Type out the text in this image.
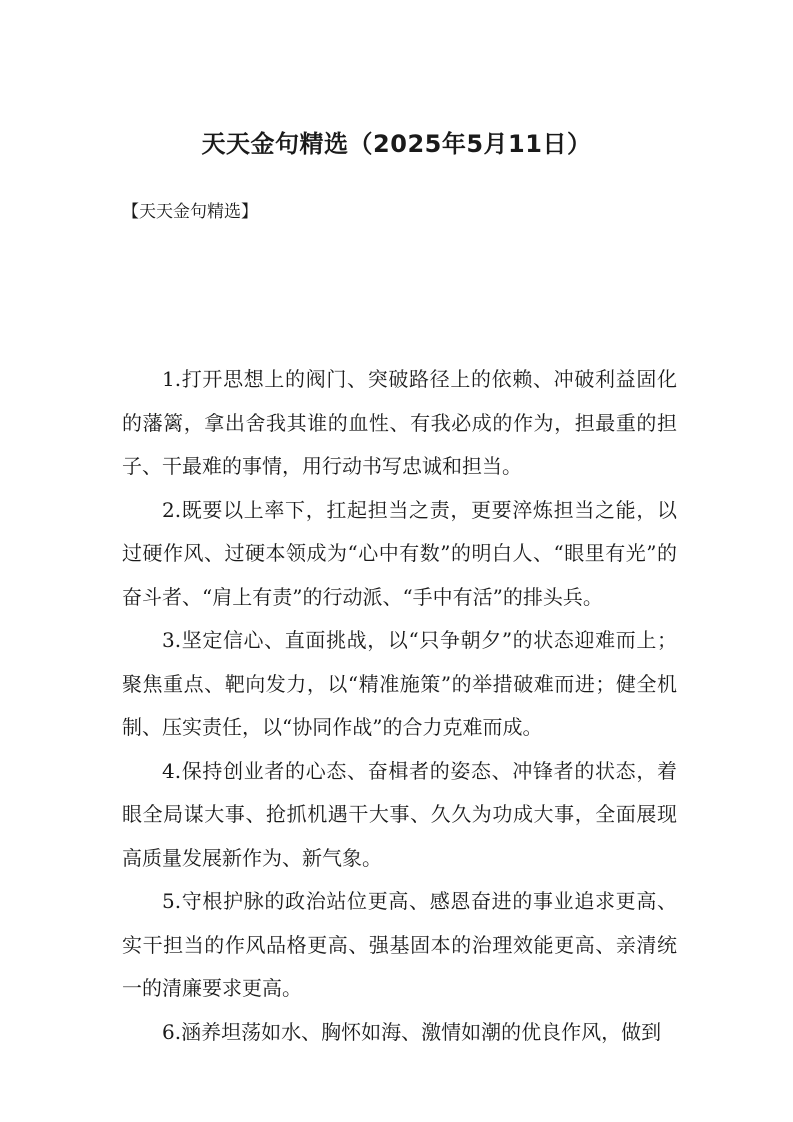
天天金句精选（2025年5月11日）

【天天金句精选】

1.打开思想上的阀门、突破路径上的依赖、冲破利益固化的藩篱，拿出舍我其谁的血性、有我必成的作为，担最重的担子、干最难的事情，用行动书写忠诚和担当。

2.既要以上率下，扛起担当之责，更要淬炼担当之能，以过硬作风、过硬本领成为“心中有数”的明白人、“眼里有光”的奋斗者、“肩上有责”的行动派、“手中有活”的排头兵。

3.坚定信心、直面挑战，以“只争朝夕”的状态迎难而上；聚焦重点、靶向发力，以“精准施策”的举措破难而进；健全机制、压实责任，以“协同作战”的合力克难而成。

4.保持创业者的心态、奋楫者的姿态、冲锋者的状态，着眼全局谋大事、抢抓机遇干大事、久久为功成大事，全面展现高质量发展新作为、新气象。

5.守根护脉的政治站位更高、感恩奋进的事业追求更高、实干担当的作风品格更高、强基固本的治理效能更高、亲清统一的清廉要求更高。

6.涵养坦荡如水、胸怀如海、激情如潮的优良作风，做到
